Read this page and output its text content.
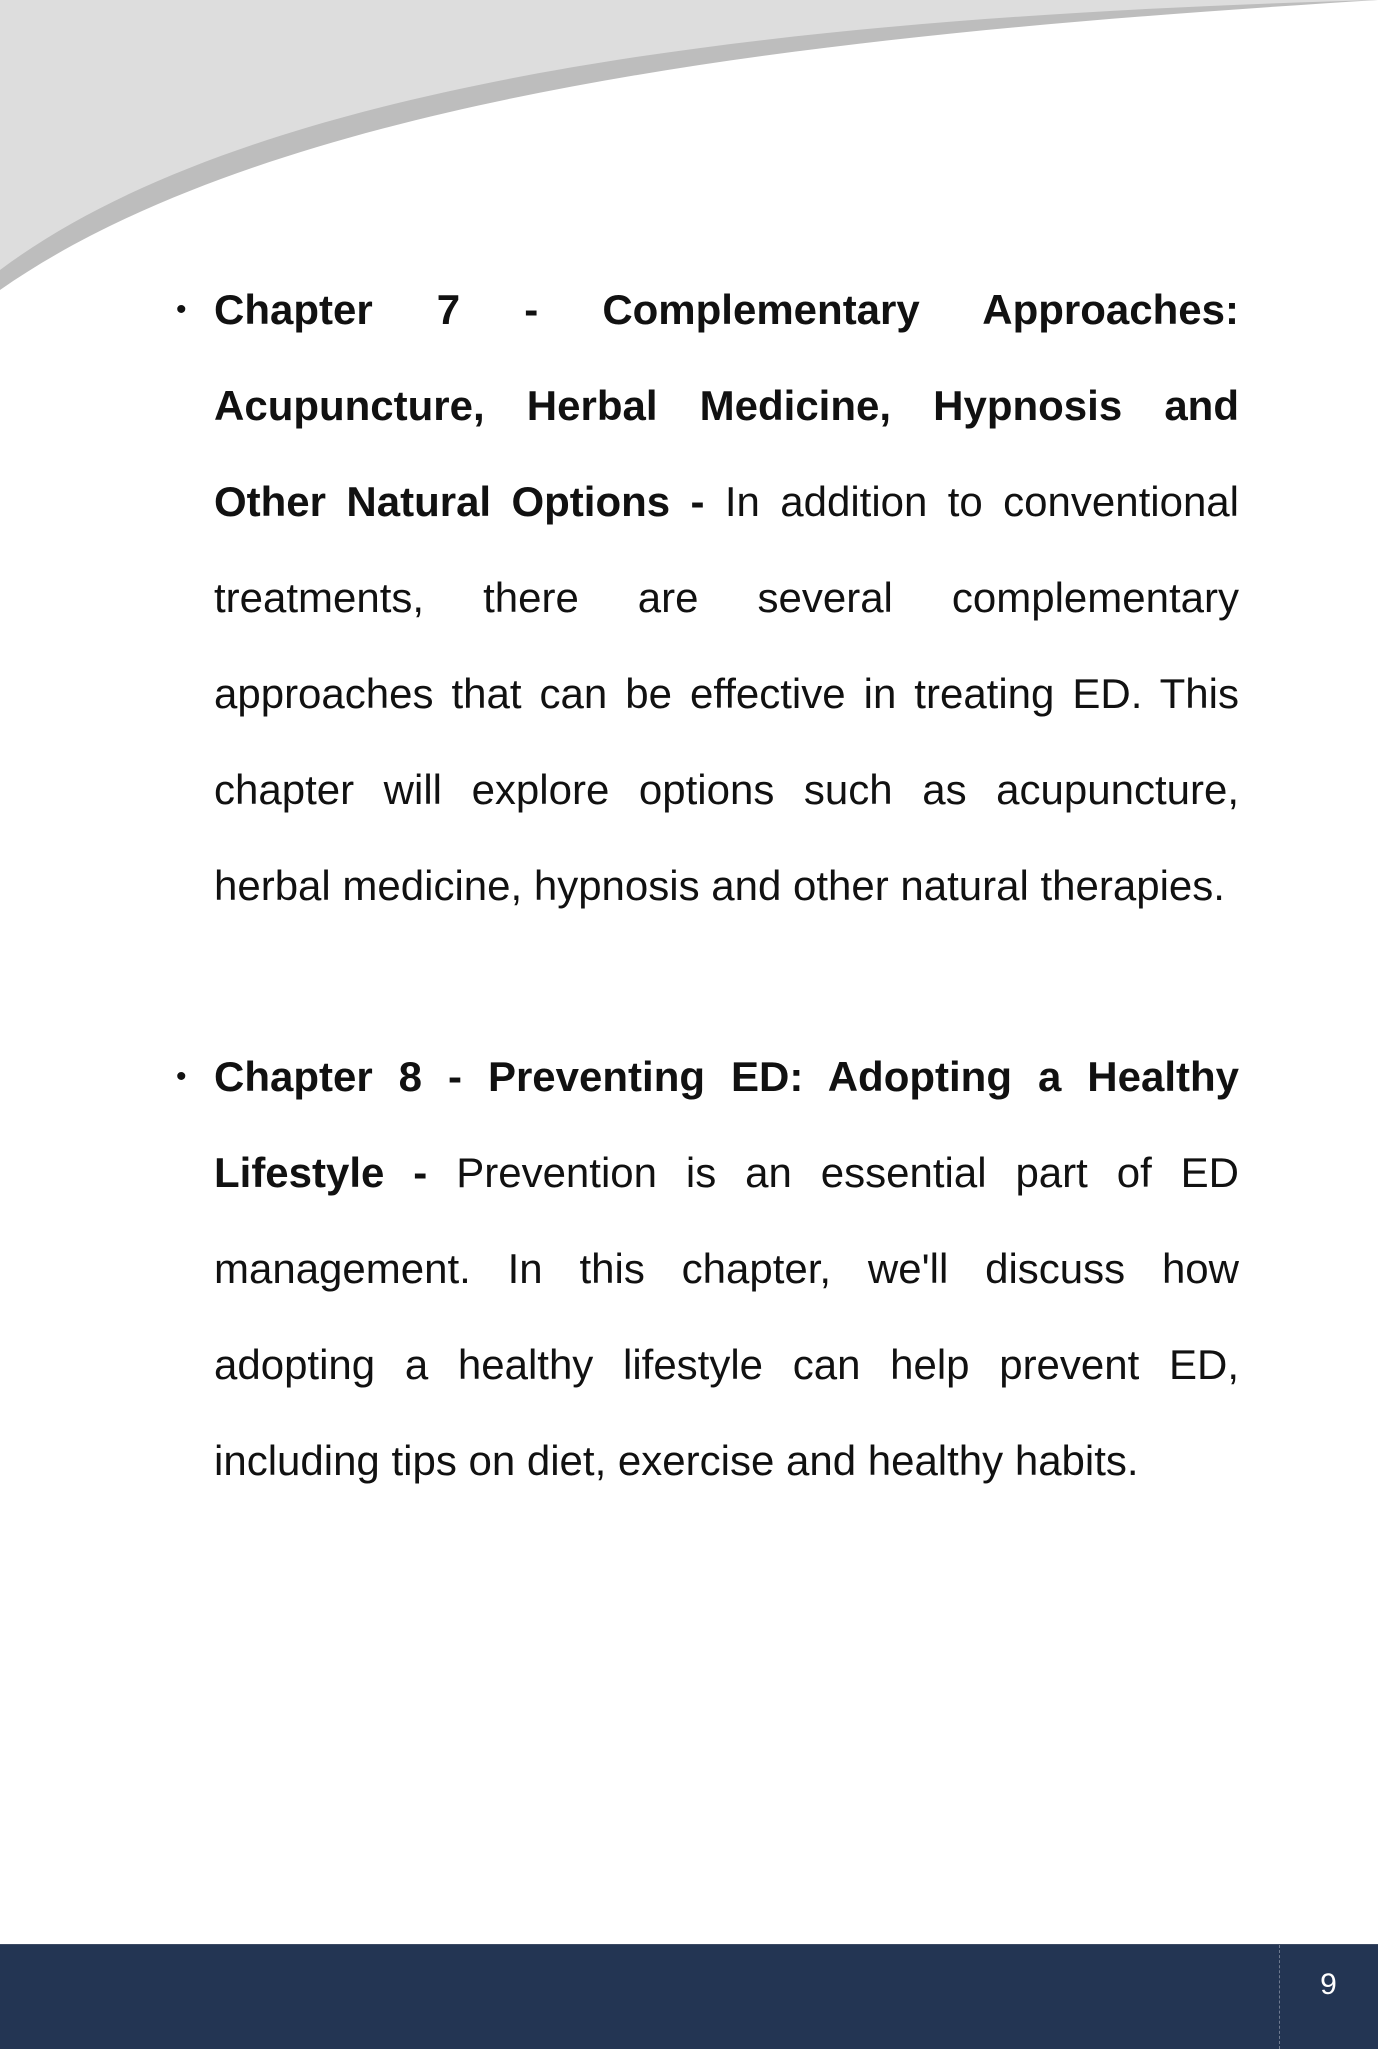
• Chapter 7 - Complementary Approaches: Acupuncture, Herbal Medicine, Hypnosis and Other Natural Options - In addition to conventional treatments, there are several complementary approaches that can be effective in treating ED. This chapter will explore options such as acupuncture, herbal medicine, hypnosis and other natural therapies.
• Chapter 8 - Preventing ED: Adopting a Healthy Lifestyle - Prevention is an essential part of ED management. In this chapter, we'll discuss how adopting a healthy lifestyle can help prevent ED, including tips on diet, exercise and healthy habits.
9
